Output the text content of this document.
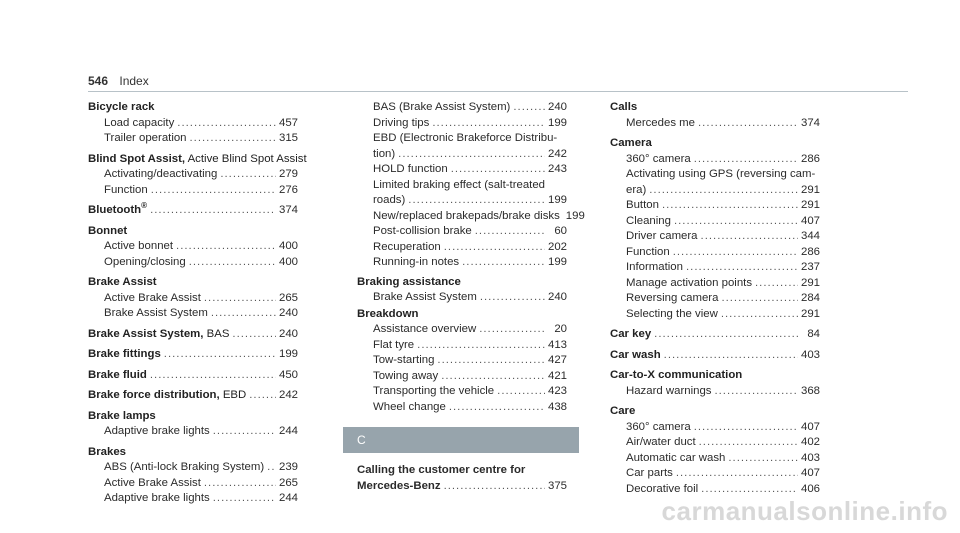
546 Index
Bicycle rack
Load capacity .....	457
Trailer operation .....	315
Blind Spot Assist, Active Blind Spot Assist
Activating/deactivating .....	279
Function .....	276
Bluetooth® .....	374
Bonnet
Active bonnet .....	400
Opening/closing .....	400
Brake Assist
Active Brake Assist .....	265
Brake Assist System .....	240
Brake Assist System, BAS .....	240
Brake fittings .....	199
Brake fluid .....	450
Brake force distribution, EBD .....	242
Brake lamps
Adaptive brake lights .....	244
Brakes
ABS (Anti-lock Braking System) ..... 239
Active Brake Assist .....	265
Adaptive brake lights .....	244
BAS (Brake Assist System) .....	240
Driving tips .....	199
EBD (Electronic Brakeforce Distribu-
tion) .....	242
HOLD function .....	243
Limited braking effect (salt-treated
roads) .....	199
New/replaced brakepads/brake disks 199
Post-collision brake .....	60
Recuperation .....	202
Running-in notes .....	199
Braking assistance
Brake Assist System .....	240
Breakdown
Assistance overview .....	20
Flat tyre .....	413
Tow-starting .....	427
Towing away .....	421
Transporting the vehicle .....	423
Wheel change .....	438
C
Calling the customer centre for
Mercedes-Benz .....	375
Calls
Mercedes me .....	374
Camera
360° camera .....	286
Activating using GPS (reversing cam-
era) .....	291
Button .....	291
Cleaning .....	407
Driver camera .....	344
Function .....	286
Information .....	237
Manage activation points .....	291
Reversing camera .....	284
Selecting the view .....	291
Car key .....	84
Car wash .....	403
Car-to-X communication
Hazard warnings .....	368
Care
360° camera .....	407
Air/water duct .....	402
Automatic car wash .....	403
Car parts .....	407
Decorative foil .....	406
carmanualsonline.info
